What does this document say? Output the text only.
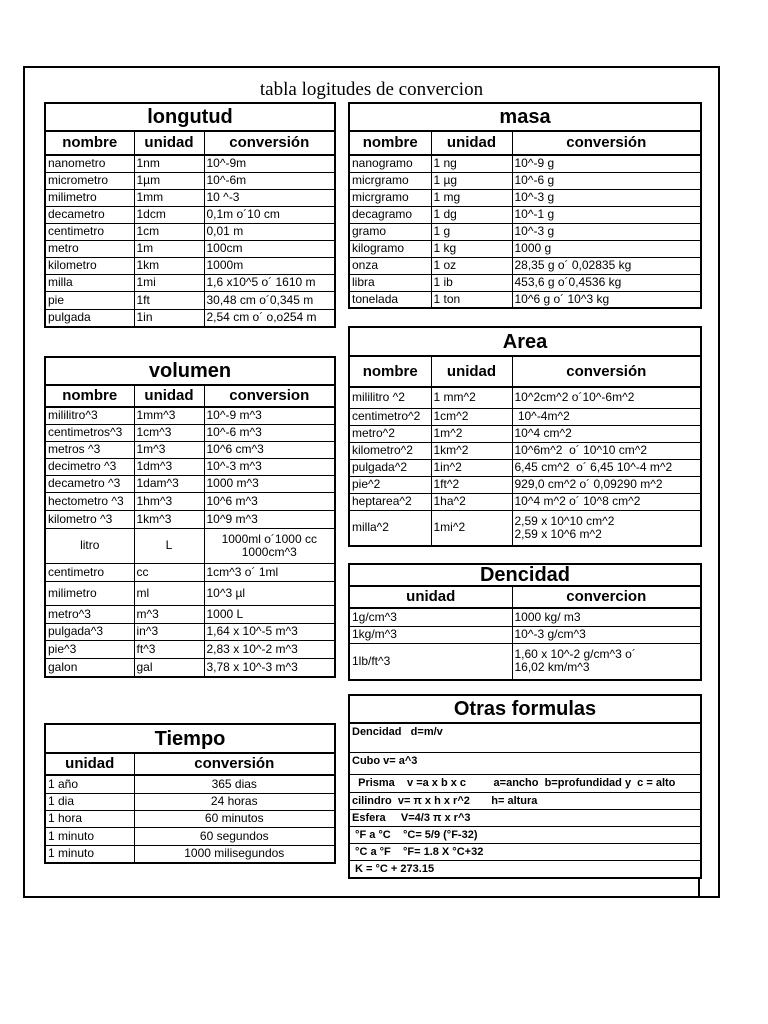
tabla logitudes de convercion
longutud		
nombre	unidad	conversión
nanometro	1nm	10^-9m
micrometro	1µm	10^-6m
milimetro	1mm	10 ^-3
decametro	1dcm	0,1m o´10 cm
centimetro	1cm	0,01 m
metro	1m	100cm
kilometro	1km	1000m
milla	1mi	1,6 x10^5 o´ 1610 m
pie	1ft	30,48 cm o´0,345 m
pulgada	1in	2,54 cm o´ o,o254 m
masa		
nombre	unidad	conversión
nanogramo	1 ng	10^-9 g
micrgramo	1 µg	10^-6 g
micrgramo	1 mg	10^-3 g
decagramo	1 dg	10^-1 g
gramo	1 g	10^-3 g
kilogramo	1 kg	1000 g
onza	1 oz	28,35 g o´ 0,02835 kg
libra	1 ib	453,6 g o´0,4536 kg
tonelada	1 ton	10^6 g o´ 10^3 kg
Area		
nombre	unidad	conversión
mililitro ^2	1 mm^2	10^2cm^2 o´10^-6m^2
centimetro^2	1cm^2	10^-4m^2
metro^2	1m^2	10^4 cm^2
kilometro^2	1km^2	10^6m^2  o´ 10^10 cm^2
pulgada^2	1in^2	6,45 cm^2  o´ 6,45 10^-4 m^2
pie^2	1ft^2	929,0 cm^2 o´ 0,09290 m^2
heptarea^2	1ha^2	10^4 m^2 o´ 10^8 cm^2
milla^2	1mi^2	2,59 x 10^10 cm^2
2,59 x 10^6 m^2
volumen		
nombre	unidad	conversion
mililitro^3	1mm^3	10^-9 m^3
centimetros^3	1cm^3	10^-6 m^3
metros ^3	1m^3	10^6 cm^3
decimetro ^3	1dm^3	10^-3 m^3
decametro ^3	1dam^3	1000 m^3
hectometro ^3	1hm^3	10^6 m^3
kilometro ^3	1km^3	10^9 m^3
litro	L	1000ml o´1000 cc
1000cm^3

centimetro	cc	1cm^3 o´ 1ml
milimetro	ml	10^3 µl
metro^3	m^3	1000 L
pulgada^3	in^3	1,64 x 10^-5 m^3
pie^3	ft^3	2,83 x 10^-2 m^3
galon	gal	3,78 x 10^-3 m^3
Dencidad	
unidad	convercion
1g/cm^3	1000 kg/ m3
1kg/m^3	10^-3 g/cm^3
1lb/ft^3	1,60 x 10^-2 g/cm^3 o´
16,02 km/m^3
Tiempo	
unidad	conversión
1 año	365 dias
1 dia	24 horas
1 hora	60 minutos
1 minuto	60 segundos
1 minuto	1000 milisegundos
Otras formulas
Dencidad   d=m/v
Cubo v= a^3
Prisma    v =a x b x c         a=ancho  b=profundidad y  c = alto
cilindro  v= π x h x r^2       h= altura
Esfera     V=4/3 π x r^3
°F a °C    °C= 5/9 (°F-32)
°C a °F    °F= 1.8 X °C+32
K = °C + 273.15
